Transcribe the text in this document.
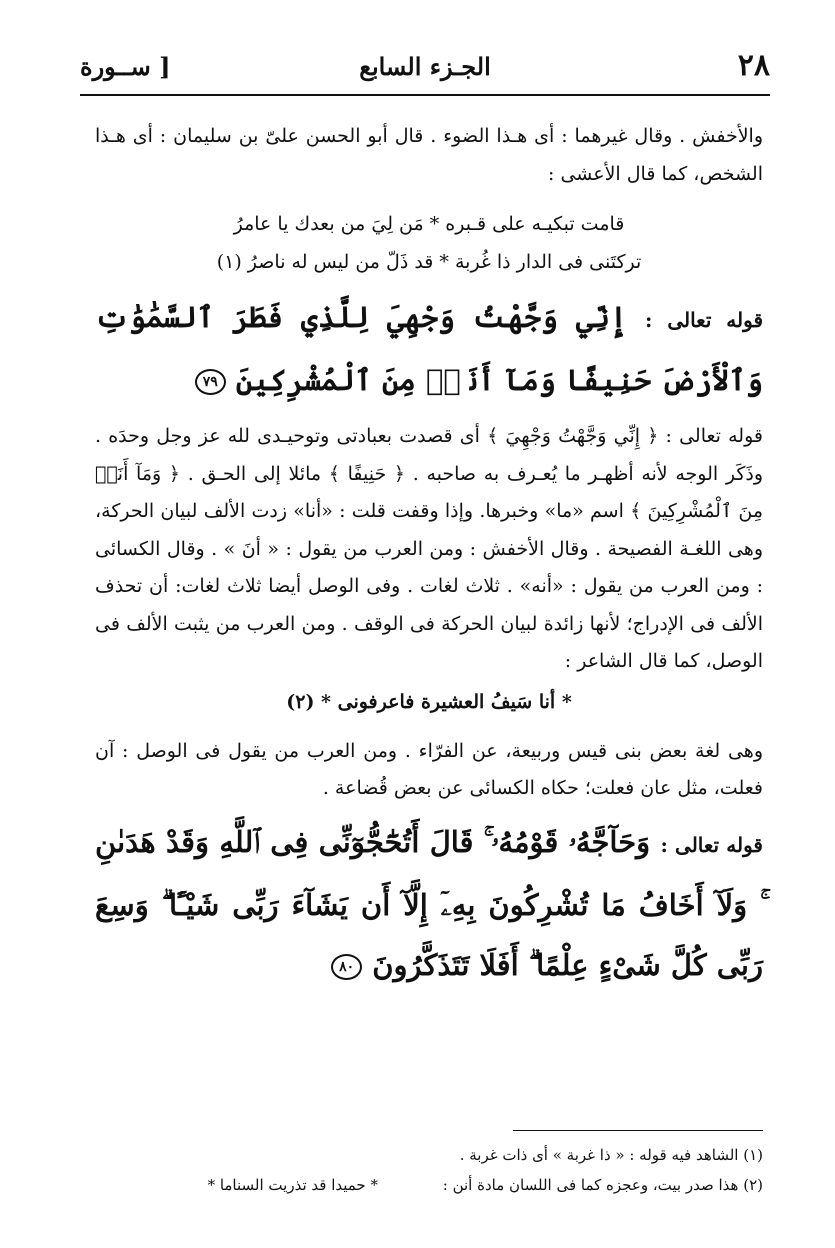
٢٨
الجـزء السابع
[ ســورة

والأخفش . وقال غيرهما : أى هـذا الضوء . قال أبو الحسن علىّ بن سليمان : أى هـذا الشخص، كما قال الأعشى :

قامت تبكيـه على قـبره * مَن لِيَ من بعدك يا عامرُ
تركتَنى فى الدار ذا غُربة * قد ذَلّ من ليس له ناصرُ (١)
قوله تعالى : إِنِّي وَجَّهْتُ وَجْهِيَ لِلَّذِي فَطَرَ ٱلسَّمَٰوَٰتِ وَٱلْأَرْضَ حَنِيفًا وَمَآ أَنَا۠ مِنَ ٱلْمُشْرِكِينَ ٧٩

قوله تعالى : ﴿ إِنِّي وَجَّهْتُ وَجْهِيَ ﴾ أى قصدت بعبادتى وتوحيـدى لله عز وجل وحدَه . وذَكَر الوجه لأنه أظهـر ما يُعـرف به صاحبه . ﴿ حَنِيفًا ﴾ مائلا إلى الحـق . ﴿ وَمَآ أَنَا۠ مِنَ ٱلْمُشْرِكِينَ ﴾ اسم «ما» وخبرها. وإذا وقفت قلت : «أنا» زدت الألف لبيان الحركة، وهى اللغـة الفصيحة . وقال الأخفش : ومن العرب من يقول : « أنَ » . وقال الكسائى : ومن العرب من يقول : «أنه» . ثلاث لغات . وفى الوصل أيضا ثلاث لغات: أن تحذف الألف فى الإدراج؛ لأنها زائدة لبيان الحركة فى الوقف . ومن العرب من يثبت الألف فى الوصل، كما قال الشاعر :

* أنا سَيفُ العشيرة فاعرفونى * (٢)

وهى لغة بعض بنى قيس وربيعة، عن الفرّاء . ومن العرب من يقول فى الوصل : آن فعلت، مثل عان فعلت؛ حكاه الكسائى عن بعض قُضاعة .

قوله تعالى : وَحَآجَّهُۥ قَوْمُهُۥ ۚ قَالَ أَتُحَٰٓجُّوٓنِّى فِى ٱللَّهِ وَقَدْ هَدَىٰنِ ۚ وَلَآ أَخَافُ مَا تُشْرِكُونَ بِهِۦٓ إِلَّآ أَن يَشَآءَ رَبِّى شَيْـًٔا ۗ وَسِعَ رَبِّى كُلَّ شَىْءٍ عِلْمًا ۗ أَفَلَا تَتَذَكَّرُونَ ٨٠
(١) الشاهد فيه قوله : « ذا غربة » أى ذات غربة .
(٢) هذا صدر بيت، وعجزه كما فى اللسان مادة أنن : * حميدا قد تذريت السناما *
